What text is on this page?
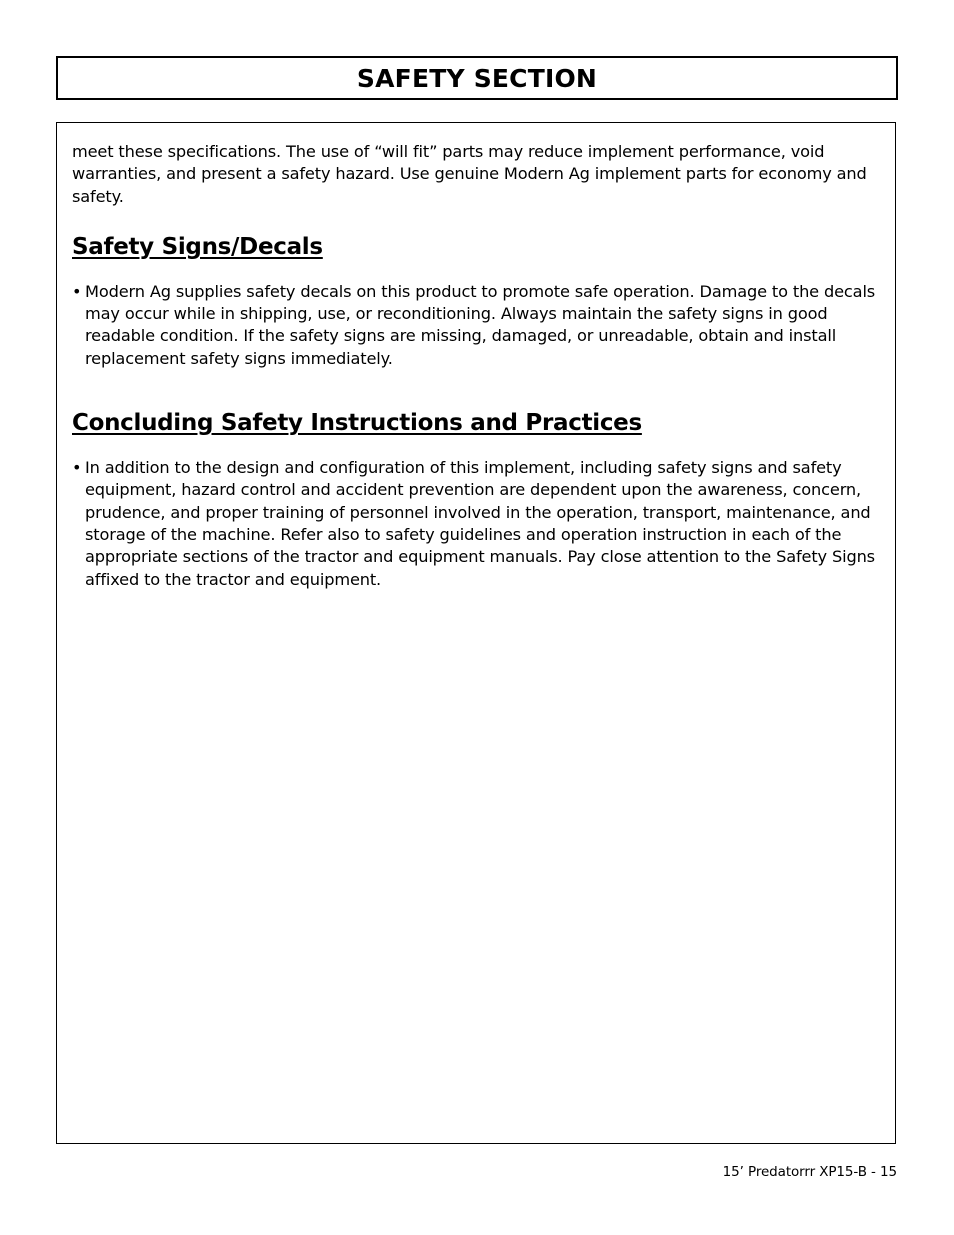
SAFETY SECTION

meet these specifications. The use of “will fit” parts may reduce implement performance, void warranties, and present a safety hazard. Use genuine Modern Ag implement parts for economy and safety.

Safety Signs/Decals
• Modern Ag supplies safety decals on this product to promote safe operation. Damage to the decals may occur while in shipping, use, or reconditioning. Always maintain the safety signs in good readable condition. If the safety signs are missing, damaged, or unreadable, obtain and install replacement safety signs immediately.
Concluding Safety Instructions and Practices
• In addition to the design and configuration of this implement, including safety signs and safety equipment, hazard control and accident prevention are dependent upon the awareness, concern, prudence, and proper training of personnel involved in the operation, transport, maintenance, and storage of the machine. Refer also to safety guidelines and operation instruction in each of the appropriate sections of the tractor and equipment manuals. Pay close attention to the Safety Signs affixed to the tractor and equipment.
15’ Predatorrr XP15-B - 15
